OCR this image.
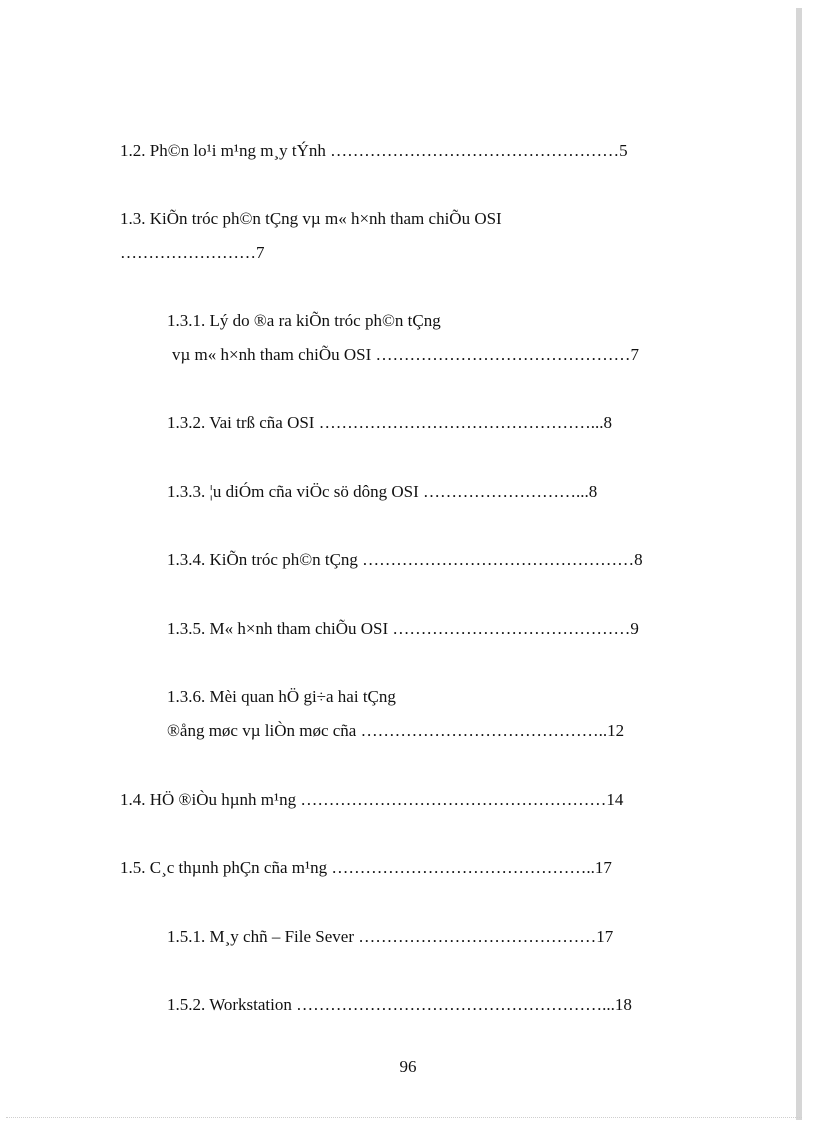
1.2. Ph©n lo¹i m¹ng m¸y tÝnh ……………………………………………5
1.3. KiÕn tróc ph©n tÇng vµ m« h×nh tham chiÕu OSI
……………………7
1.3.1. Lý do ®a ra kiÕn tróc ph©n tÇng
vµ m« h×nh tham chiÕu OSI ………………………………………7
1.3.2. Vai trß cña OSI …………………………………………...8
1.3.3. ¦u diÓm cña viÖc sö dông OSI ………………………...8
1.3.4. KiÕn tróc ph©n tÇng …………………………………………8
1.3.5. M« h×nh tham chiÕu OSI ……………………………………9
1.3.6. Mèi quan hÖ gi÷a hai tÇng
®ång møc vµ liÒn møc cña ……………………………………..12
1.4. HÖ ®iÒu hµnh m¹ng ………………………………………………14
1.5. C¸c thµnh phÇn cña m¹ng ………………………………………..17
1.5.1. M¸y chñ – File Sever ……………………………………17
1.5.2. Workstation ………………………………………………...18
96
